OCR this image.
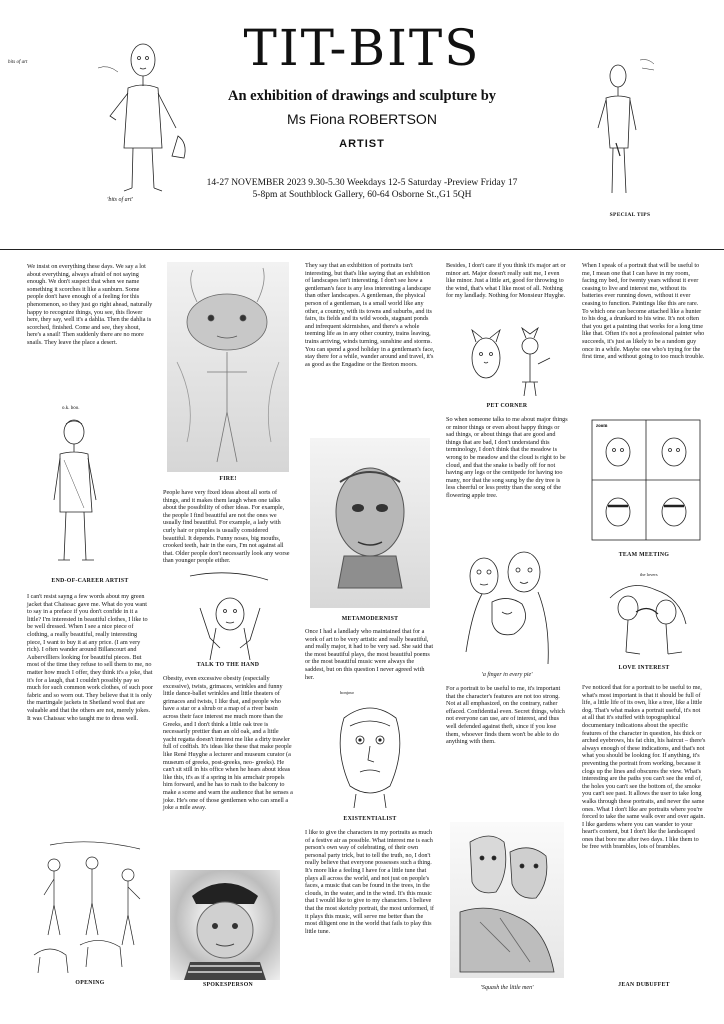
bits of art
'bits of art'
TIT-BITS
An exhibition of drawings and sculpture by
Ms Fiona ROBERTSON
ARTIST
14-27 NOVEMBER 2023 9.30-5.30 Weekdays 12-5 Saturday -Preview Friday 17
5-8pm at Southblock Gallery, 60-64 Osborne St.,G1 5QH
SPECIAL TIPS

We insist on everything these days. We say a lot about everything, always afraid of not saying enough. We don't suspect that when we name something it scorches it like a sunburn. Some people don't have enough of a feeling for this phenomenon, so they just go right ahead, naturally happy to recognize things, you see, this flower here, they say, well it's a dahlia. Then the dahlia is scorched, finished. Come and see, they shout, here's a snail! Then suddenly there are no more snails. They leave the place a desert.

o.k. boo.
END-OF-CAREER ARTIST

I can't resist sayng a few words about my green jacket that Chaissac gave me. What do you want to say in a preface if you don't confide in it a little? I'm interested in beautiful clothes, I like to be well dressed. When I see a nice piece of clothing, a really beautiful, really interesting piece, I want to buy it at any price. (I am very rich). I often wander around Billancourt and Aubervilliers looking for beautiful pieces. But most of the time they refuse to sell them to me, no matter how much I offer, they think it's a joke, that it's for a laugh, that I couldn't possibly pay so much for such common work clothes, of such poor fabric and so worn out. They believe that it is only the martingale jackets in Shetland wool that are valuable and that the others are not, merely jokes. It was Chaissac who taught me to dress well.

OPENING
FIRE!

People have very fixed ideas about all sorts of things, and it makes them laugh when one talks about the possibility of other ideas. For example, the people I find beautiful are not the ones we usually find beautiful. For example, a lady with curly hair or pimples is usually considered beautiful. It depends. Funny noses, big mouths, crooked teeth, hair in the ears, I'm not against all that. Older people don't necessarily look any worse than younger people either.

TALK TO THE HAND

Obesity, even excessive obesity (especially excessive), twists, grimaces, wrinkles and funny little dance-ballet wrinkles and little theaters of grimaces and twists, I like that, and people who have a star or a shrub or a map of a river basin across their face interest me much more than the Greeks, and I don't think a little oak tree is necessarily prettier than an old oak, and a little yacht regatta doesn't interest me like a dirty trawler full of codfish. It's ideas like these that make people like René Huyghe a lecturer and museum curator (a museum of greeks, post-greeks, neo- greeks). He can't sit still in his office when he hears about ideas like this, it's as if a spring in his armchair propels him forward, and he has to rush to the balcony to make a scene and warn the audience that he senses a joke. He's one of those gentlemen who can smell a joke a mile away.

SPOKESPERSON

They say that an exhibition of portraits isn't interesting, but that's like saying that an exhibition of landscapes isn't interesting. I don't see how a gentleman's face is any less interesting a landscape than other landscapes. A gentleman, the physical person of a gentleman, is a small world like any other, a country, with its towns and suburbs, and its fairs, its fields and its wild woods, stagnant ponds and infrequent skirmishes, and there's a whole teeming life as in any other country, trains leaving, trains arriving, winds turning, sunshine and storms. You can spend a good holiday in a gentleman's face, stay there for a while, wander around and travel, it's as good as the Engadine or the Breton moors.

METAMODERNIST

Once I had a landlady who maintained that for a work of art to be very artistic and really beautiful, and really major, it had to be very sad. She said that the most beautiful plays, the most beautiful poems or the most beautiful music were always the saddest, but on this question I never agreed with her.

bonjour
EXISTENTIALIST

I like to give the characters in my portraits as much of a festive air as possible. What interest me is each person's own way of celebrating, of their own personal party trick, but to tell the truth, no, I don't really believe that everyone possesses such a thing. It's more like a feeling I have for a little tune that plays all across the world, and not just on people's faces, a music that can be found in the trees, in the clouds, in the water, and in the wind. It's this music that I would like to give to my characters. I believe that the most sketchy portrait, the most unformed, if it plays this music, will serve me better than the most diligent one in the world that fails to play this little tune.

Besides, I don't care if you think it's major art or minor art. Major doesn't really suit me, I even like minor. Just a little art, good for throwing to the wind, that's what I like most of all. Nothing for my landlady. Nothing for Monsieur Huyghe.

PET CORNER

So when someone talks to me about major things or minor things or even about happy things or sad things, or about things that are good and things that are bad, I don't understand this terminology, I don't think that the meadow is wrong to be meadow and the cloud is right to be cloud, and that the snake is badly off for not having any legs or the centipede for having too many, nor that the song sung by the dry tree is less cheerful or less pretty than the song of the flowering apple tree.

'a finger in every pie'

For a portrait to be useful to me, it's important that the character's features are not too strong. Not at all emphasized, on the contrary, rather effaced. Confidential even. Secret things, which not everyone can use, are of interest, and thus well defended against theft, since if you lose them, whoever finds them won't be able to do anything with them.

'Squash the little men'

When I speak of a portrait that will be useful to me, I mean one that I can have in my room, facing my bed, for twenty years without it ever ceasing to live and interest me, without its batteries ever running down, without it ever ceasing to function. Paintings like this are rare. To which one can become attached like a hunter to his dog, a drunkard to his wine. It's not often that you get a painting that works for a long time like that. Often it's not a professional painter who succeeds, it's just as likely to be a random guy once in a while. Maybe one who's trying for the first time, and without going to too much trouble.

zoom
TEAM MEETING
the lovers
LOVE INTEREST

I've noticed that for a portrait to be useful to me, what's most important is that it should be full of life, a little life of its own, like a tree, like a little dog. That's what makes a portrait useful, it's not at all that it's stuffed with topographical documentary indications about the specific features of the character in question, his thick or arched eyebrows, his fat chin, his haircut – there's always enough of these indications, and that's not what you should be looking for. If anything, it's preventing the portrait from working, because it clogs up the lines and obscures the view. What's interesting are the paths you can't see the end of, the holes you can't see the bottom of, the smoke you can't see past. It allows the user to take long walks through these portraits, and never the same ones. What I don't like are portraits where you're forced to take the same walk over and over again. I like gardens where you can wander to your heart's content, but I don't like the landscaped ones that bore me after two days. I like them to be free with brambles, lots of brambles.

JEAN DUBUFFET
